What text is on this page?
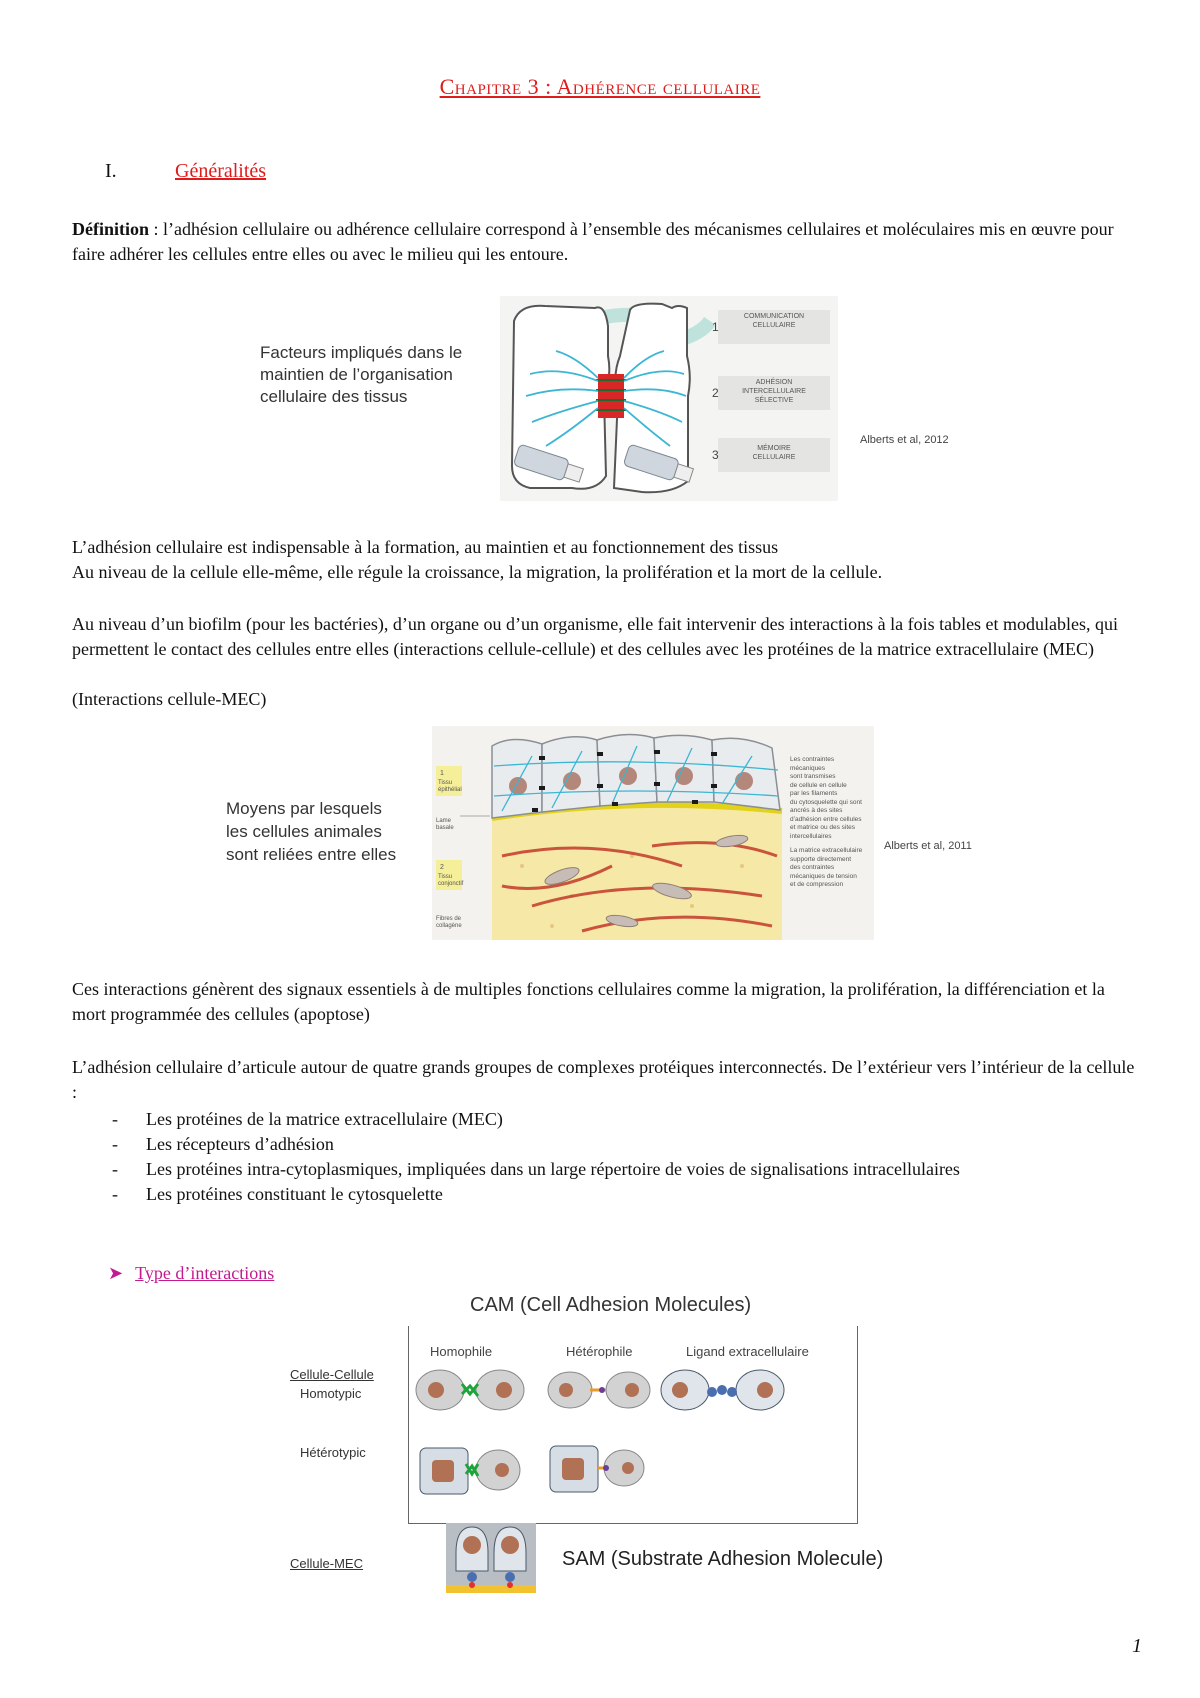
Chapitre 3 : Adhérence cellulaire
I.	Généralités

Définition : l’adhésion cellulaire ou adhérence cellulaire correspond à l’ensemble des mécanismes cellulaires et moléculaires mis en œuvre pour faire adhérer les cellules entre elles ou avec le milieu qui les entoure.

Facteurs impliqués dans le
maintien de l’organisation
cellulaire des tissus
1
COMMUNICATION
CELLULAIRE
2
ADHÉSION
INTERCELLULAIRE
SÉLECTIVE
3	MÉMOIRE
CELLULAIRE
Alberts et al, 2012

L’adhésion cellulaire est indispensable à la formation, au maintien et au fonctionnement des tissus

Au niveau de la cellule elle-même, elle régule la croissance, la migration, la prolifération et la mort de la cellule.

Au niveau d’un biofilm (pour les bactéries), d’un organe ou d’un organisme, elle fait intervenir des interactions à la fois tables et modulables, qui permettent le contact des cellules entre elles (interactions cellule-cellule) et des cellules avec les protéines de la matrice extracellulaire (MEC)

(Interactions cellule-MEC)

Moyens par lesquels
les cellules animales
sont reliées entre elles
1
Tissu épithélial
Lame basale
2
Tissu conjonctif
Fibres de collagène
Les contraintes
mécaniques
sont transmises
de cellule en cellule
par les filaments
du cytosquelette qui sont
ancrés à des sites
d’adhésion entre cellules
et matrice ou des sites
intercellulaires
La matrice extracellulaire
supporte directement
des contraintes
mécaniques de tension
et de compression
Alberts et al, 2011

Ces interactions génèrent des signaux essentiels à de multiples fonctions cellulaires comme la migration, la prolifération, la différenciation et la mort programmée des cellules (apoptose)

L’adhésion cellulaire d’articule autour de quatre grands groupes de complexes protéiques interconnectés. De l’extérieur vers l’intérieur de la cellule :

- Les protéines de la matrice extracellulaire (MEC)
- Les récepteurs d’adhésion
- Les protéines intra-cytoplasmiques, impliquées dans un large répertoire de voies de signalisations intracellulaires
- Les protéines constituant le cytosquelette
➤ Type d’interactions
CAM (Cell Adhesion Molecules)
Homophile	Hétérophile	Ligand extracellulaire
Cellule-Cellule
Homotypic
Hétérotypic
Cellule-MEC	SAM (Substrate Adhesion Molecule)
1
